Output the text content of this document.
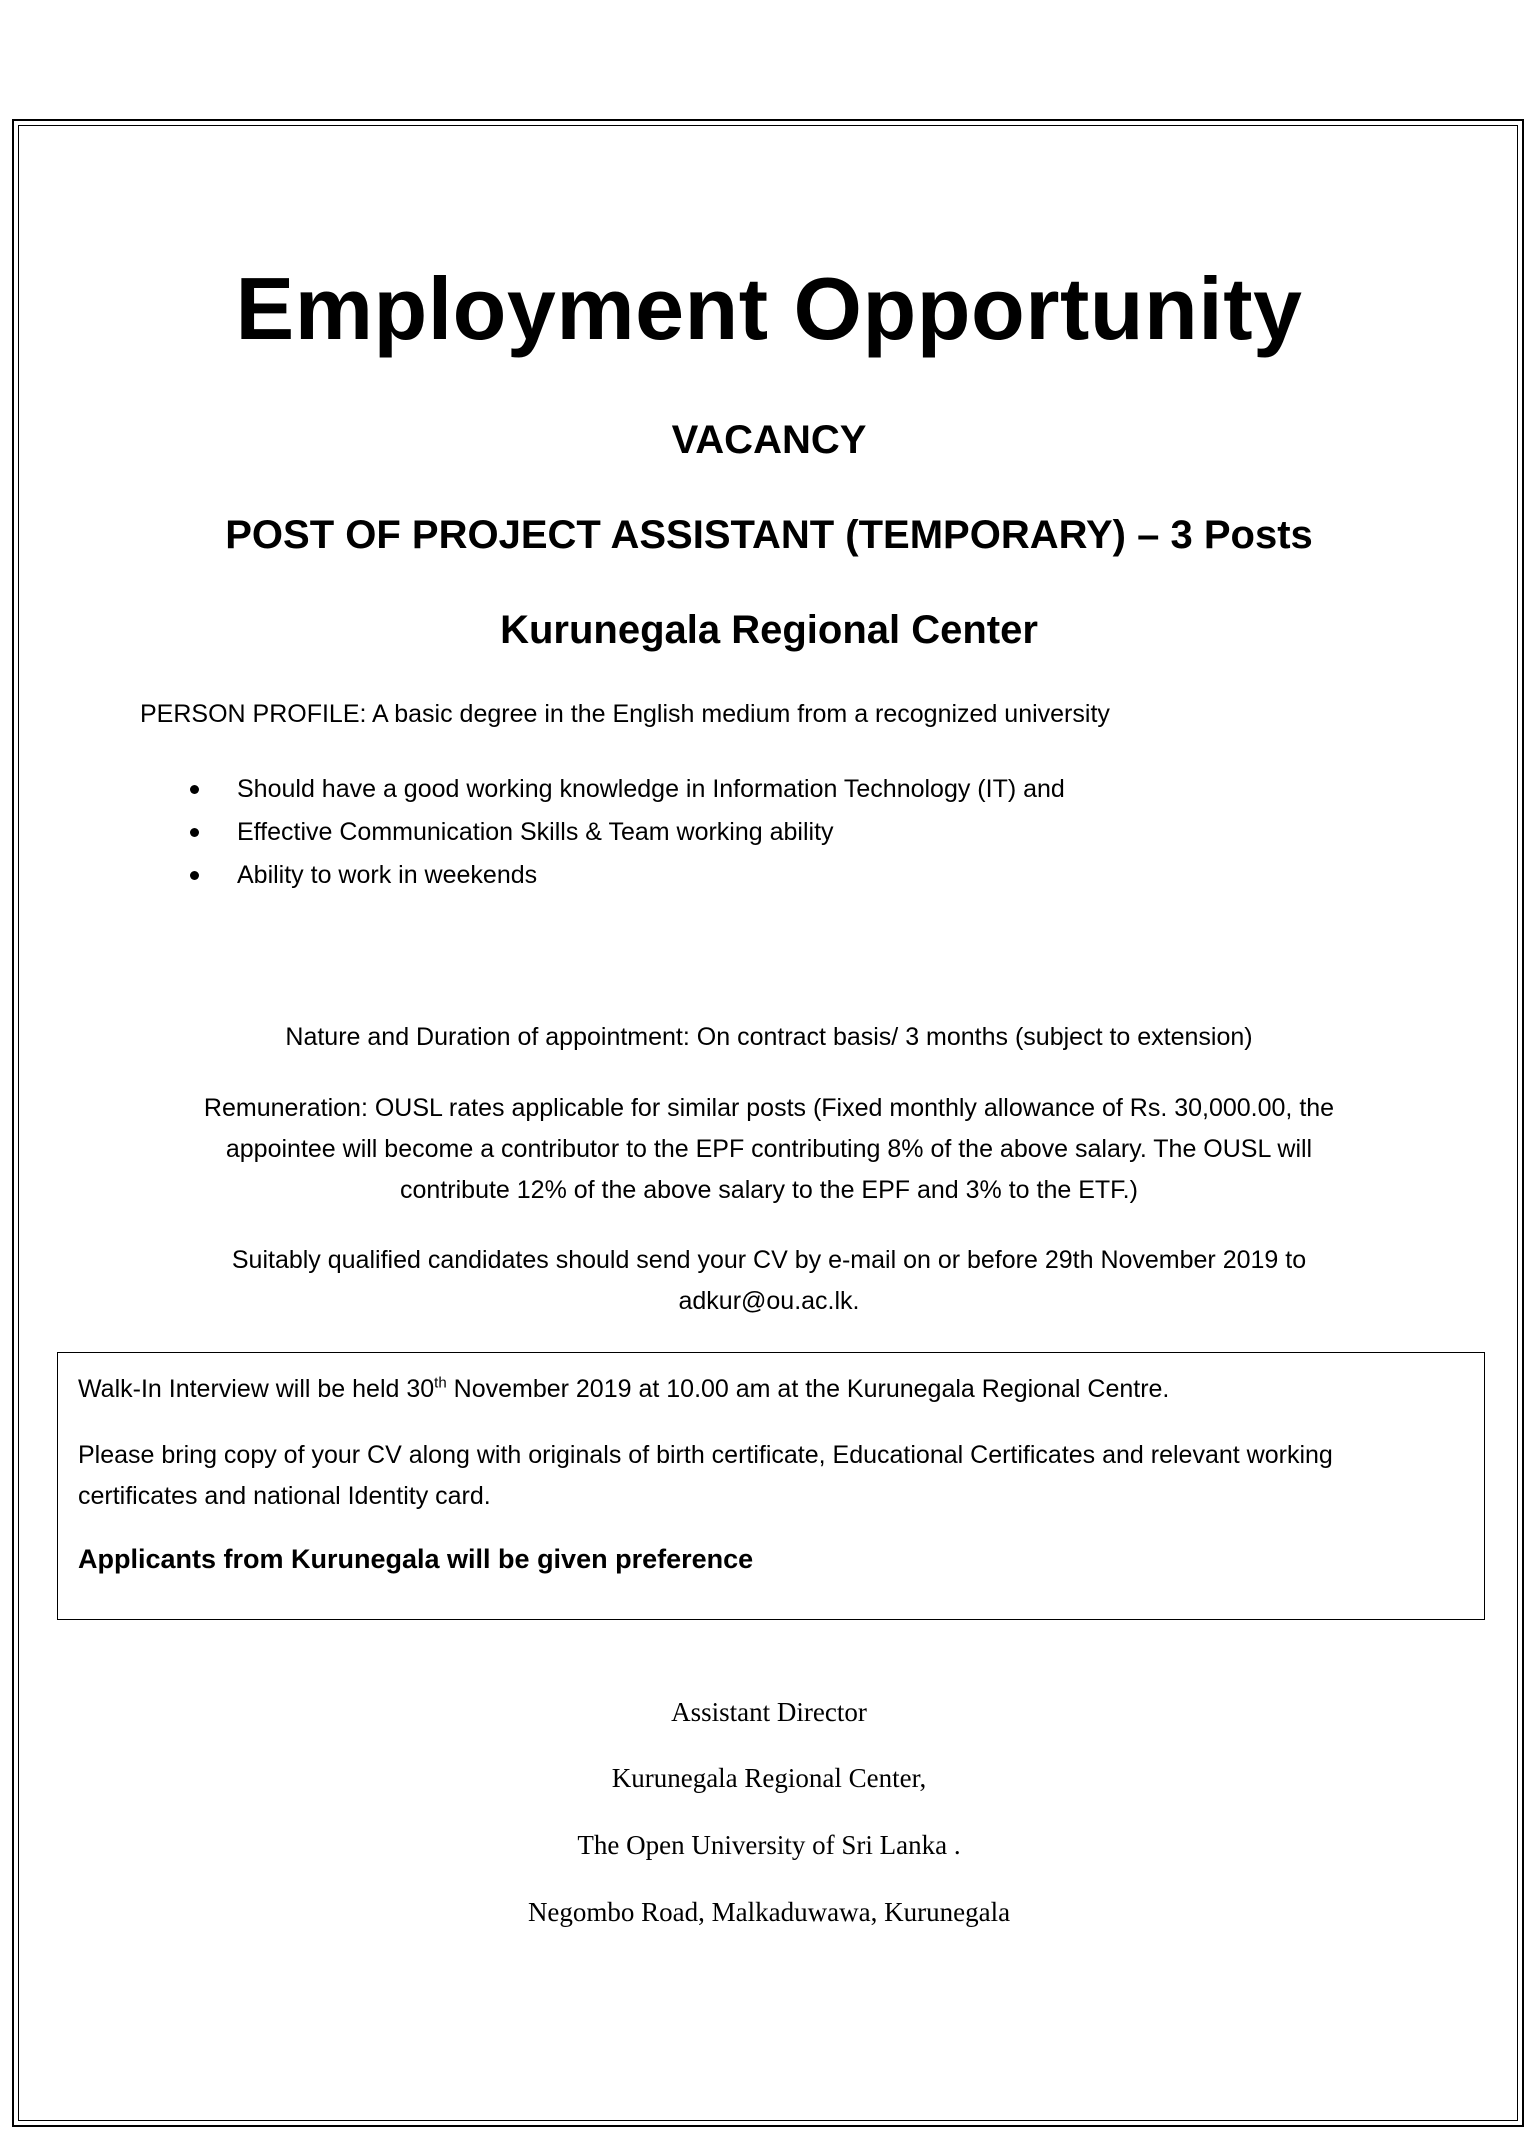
Employment Opportunity
VACANCY
POST OF PROJECT ASSISTANT (TEMPORARY) – 3 Posts
Kurunegala Regional Center
PERSON PROFILE: A basic degree in the English medium from a recognized university
Should have a good working knowledge in Information Technology (IT) and
Effective Communication Skills & Team working ability
Ability to work in weekends
Nature and Duration of appointment: On contract basis/ 3 months (subject to extension)
Remuneration: OUSL rates applicable for similar posts (Fixed monthly allowance of Rs. 30,000.00, the
appointee will become a contributor to the EPF contributing 8% of the above salary. The OUSL will
contribute 12% of the above salary to the EPF and 3% to the ETF.)
Suitably qualified candidates should send your CV by e-mail on or before 29th November 2019 to
adkur@ou.ac.lk.
Walk-In Interview will be held 30th November 2019 at 10.00 am at the Kurunegala Regional Centre.
Please bring copy of your CV along with originals of birth certificate, Educational Certificates and relevant working
certificates and national Identity card.
Applicants from Kurunegala will be given preference
Assistant Director
Kurunegala Regional Center,
The Open University of Sri Lanka .
Negombo Road, Malkaduwawa, Kurunegala
